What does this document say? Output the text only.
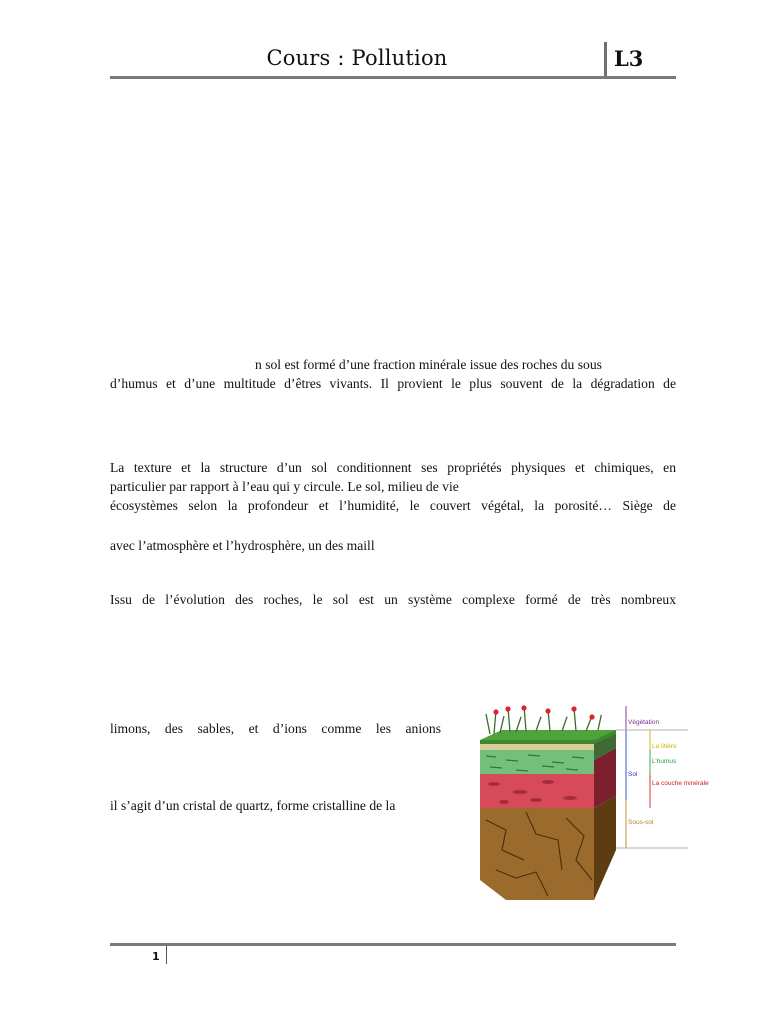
Cours : Pollution	L3
n sol est formé d’une fraction minérale issue des roches du sous
d’humus et d’une multitude d’êtres vivants. Il provient le plus souvent de la dégradation de
La texture et la structure d’un sol conditionnent ses propriétés physiques et chimiques, en
particulier par rapport à l’eau qui y circule. Le sol, milieu de vie
écosystèmes selon la profondeur et l’humidité, le couvert végétal, la porosité… Siège de
avec l’atmosphère et l’hydrosphère, un des maill
Issu de l’évolution des roches, le sol est un système complexe formé de très nombreux
limons, des sables, et d’ions comme les anions
il s’agit d’un cristal de quartz, forme cristalline de la
Végétation
La litière
L’humus
Sol
La couche minérale
Sous-sol
1
